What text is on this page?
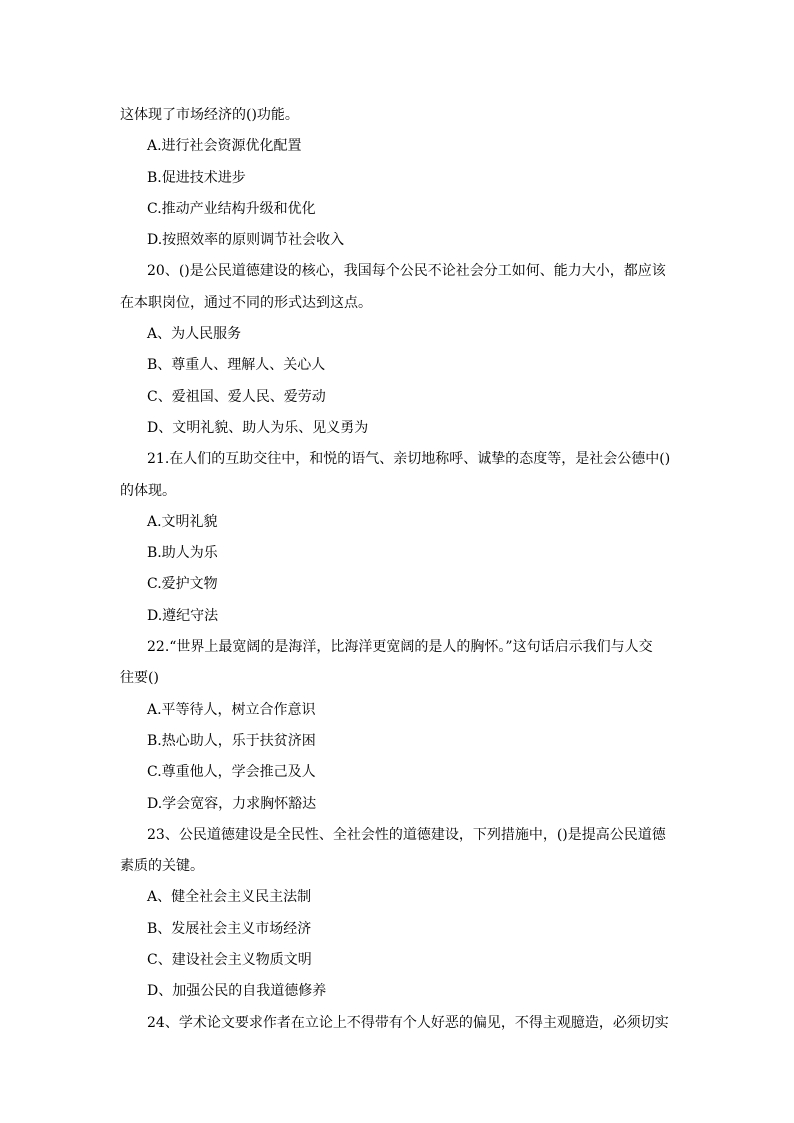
这体现了市场经济的()功能。
A.进行社会资源优化配置
B.促进技术进步
C.推动产业结构升级和优化
D.按照效率的原则调节社会收入
20、()是公民道德建设的核心，我国每个公民不论社会分工如何、能力大小，都应该
在本职岗位，通过不同的形式达到这点。
A、为人民服务
B、尊重人、理解人、关心人
C、爱祖国、爱人民、爱劳动
D、文明礼貌、助人为乐、见义勇为
21.在人们的互助交往中，和悦的语气、亲切地称呼、诚挚的态度等，是社会公德中()
的体现。
A.文明礼貌
B.助人为乐
C.爱护文物
D.遵纪守法
22.“世界上最宽阔的是海洋，比海洋更宽阔的是人的胸怀。”这句话启示我们与人交
往要()
A.平等待人，树立合作意识
B.热心助人，乐于扶贫济困
C.尊重他人，学会推己及人
D.学会宽容，力求胸怀豁达
23、公民道德建设是全民性、全社会性的道德建设，下列措施中，()是提高公民道德
素质的关键。
A、健全社会主义民主法制
B、发展社会主义市场经济
C、建设社会主义物质文明
D、加强公民的自我道德修养
24、学术论文要求作者在立论上不得带有个人好恶的偏见，不得主观臆造，必须切实
